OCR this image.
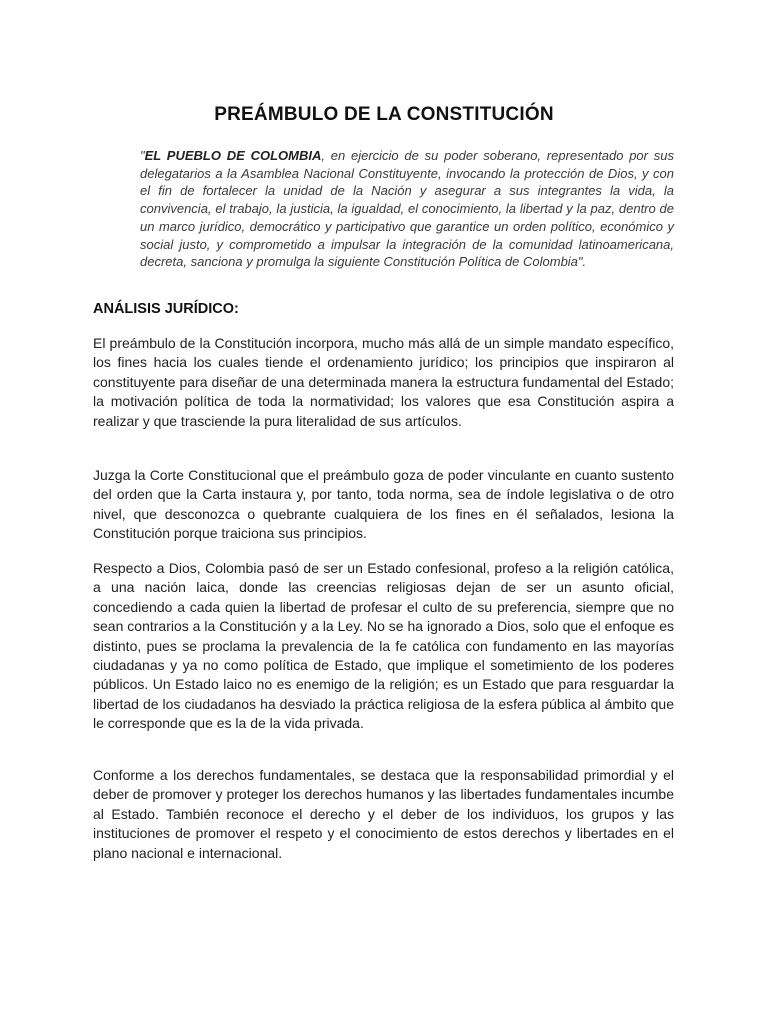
PREÁMBULO DE LA CONSTITUCIÓN

"EL PUEBLO DE COLOMBIA, en ejercicio de su poder soberano, representado por sus delegatarios a la Asamblea Nacional Constituyente, invocando la protección de Dios, y con el fin de fortalecer la unidad de la Nación y asegurar a sus integrantes la vida, la convivencia, el trabajo, la justicia, la igualdad, el conocimiento, la libertad y la paz, dentro de un marco jurídico, democrático y participativo que garantice un orden político, económico y social justo, y comprometido a impulsar la integración de la comunidad latinoamericana, decreta, sanciona y promulga la siguiente Constitución Política de Colombia".

ANÁLISIS JURÍDICO:

El preámbulo de la Constitución incorpora, mucho más allá de un simple mandato específico, los fines hacia los cuales tiende el ordenamiento jurídico; los principios que inspiraron al constituyente para diseñar de una determinada manera la estructura fundamental del Estado; la motivación política de toda la normatividad; los valores que esa Constitución aspira a realizar y que trasciende la pura literalidad de sus artículos.

Juzga la Corte Constitucional que el preámbulo goza de poder vinculante en cuanto sustento del orden que la Carta instaura y, por tanto, toda norma, sea de índole legislativa o de otro nivel, que desconozca o quebrante cualquiera de los fines en él señalados, lesiona la Constitución porque traiciona sus principios.

Respecto a Dios, Colombia pasó de ser un Estado confesional, profeso a la religión católica, a una nación laica, donde las creencias religiosas dejan de ser un asunto oficial, concediendo a cada quien la libertad de profesar el culto de su preferencia, siempre que no sean contrarios a la Constitución y a la Ley. No se ha ignorado a Dios, solo que el enfoque es distinto, pues se proclama la prevalencia de la fe católica con fundamento en las mayorías ciudadanas y ya no como política de Estado, que implique el sometimiento de los poderes públicos. Un Estado laico no es enemigo de la religión; es un Estado que para resguardar la libertad de los ciudadanos ha desviado la práctica religiosa de la esfera pública al ámbito que le corresponde que es la de la vida privada.

Conforme a los derechos fundamentales, se destaca que la responsabilidad primordial y el deber de promover y proteger los derechos humanos y las libertades fundamentales incumbe al Estado. También reconoce el derecho y el deber de los individuos, los grupos y las instituciones de promover el respeto y el conocimiento de estos derechos y libertades en el plano nacional e internacional.
